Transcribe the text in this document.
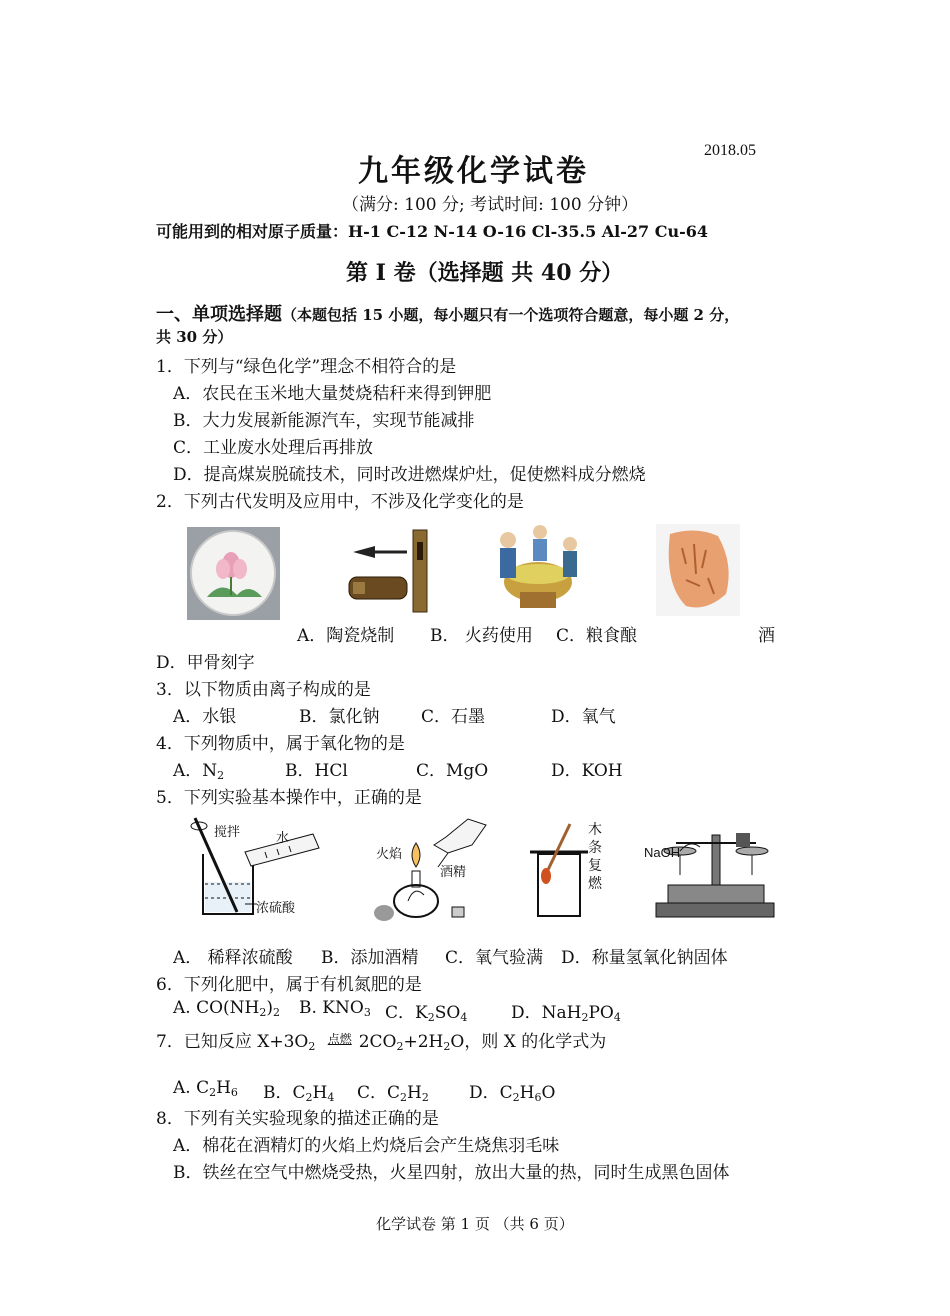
九年级化学试卷
2018.05
（满分: 100 分; 考试时间: 100 分钟）
可能用到的相对原子质量：H-1 C-12 N-14 O-16 Cl-35.5 Al-27 Cu-64
第 I 卷（选择题 共 40 分）
一、单项选择题（本题包括 15 小题，每小题只有一个选项符合题意，每小题 2 分，
共 30 分）
1．下列与“绿色化学”理念不相符合的是
A．农民在玉米地大量焚烧秸秆来得到钾肥
B．大力发展新能源汽车，实现节能减排
C．工业废水处理后再排放
D．提高煤炭脱硫技术，同时改进燃煤炉灶，促使燃料成分燃烧
2．下列古代发明及应用中，不涉及化学变化的是
A．陶瓷烧制 B． 火药使用 C．粮食酿	酒
D．甲骨刻字
3．以下物质由离子构成的是
A．水银	B．氯化钠 C．石墨	D．氧气
4．下列物质中，属于氧化物的是
A．$N_2$	B．HCl	C．MgO	D．KOH
5．下列实验基本操作中，正确的是
搅拌	水
浓硫酸
火焰
酒精
木条复燃
NaOH
A． 稀释浓硫酸 B．添加酒精 C．氧气验满 D．称量氢氧化钠固体
6．下列化肥中，属于有机氮肥的是
A. $CO(NH_2)_2$ B. $KNO_3$ C．$K_2SO_4$	D．$NaH_2PO_4$
7．已知反应 $X+3O_2$ 点燃 $2CO_2+2H_2O$，则 X 的化学式为
A. $C_2H_6$ B．$C_2H_4$ C．$C_2H_2$ D．$C_2H_6O$
8．下列有关实验现象的描述正确的是
A．棉花在酒精灯的火焰上灼烧后会产生烧焦羽毛味
B．铁丝在空气中燃烧受热，火星四射，放出大量的热，同时生成黑色固体
化学试卷 第 1 页 （共 6 页）
